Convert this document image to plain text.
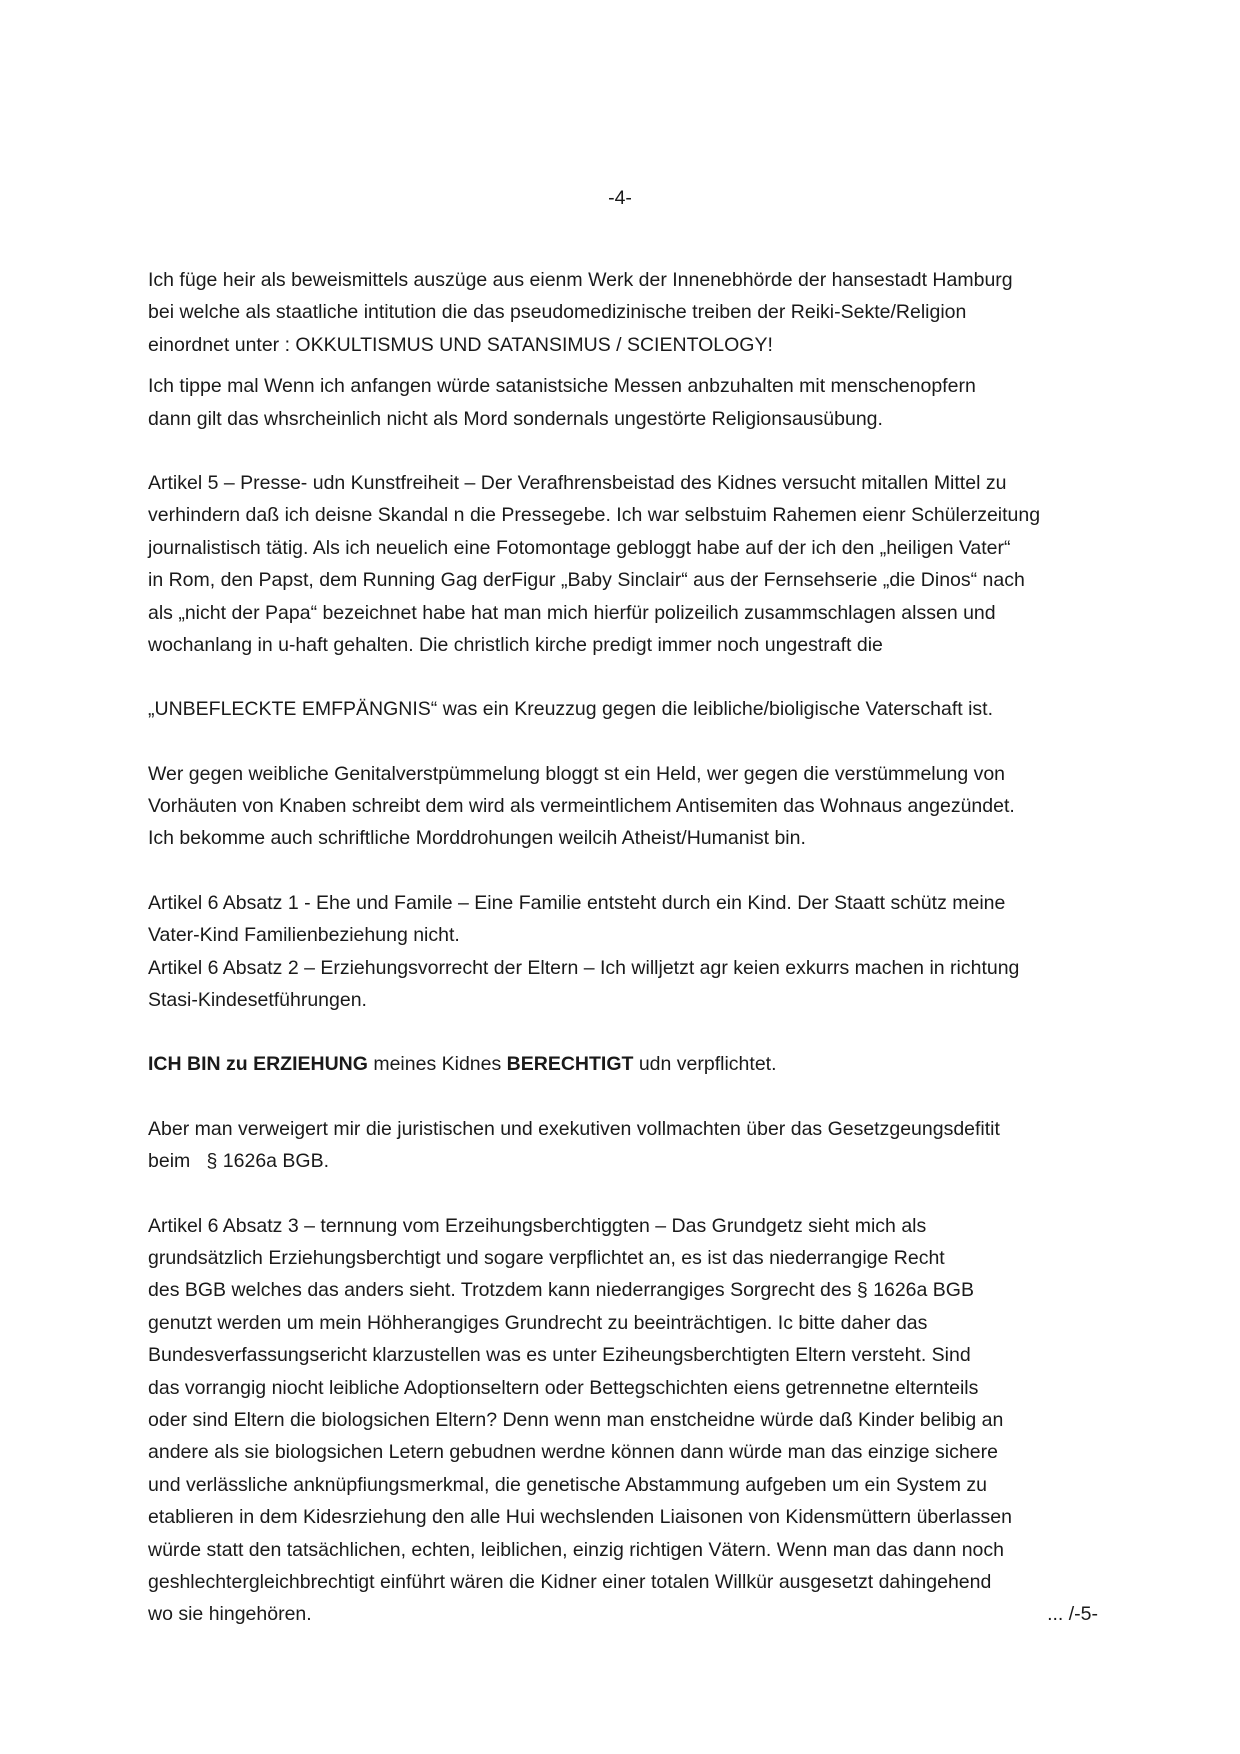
-4-
Ich füge heir als beweismittels auszüge aus eienm Werk der Innenebhörde der hansestadt Hamburg
bei welche als staatliche intitution die das pseudomedizinische treiben der Reiki-Sekte/Religion
einordnet unter : OKKULTISMUS UND SATANSIMUS / SCIENTOLOGY!
Ich tippe mal Wenn ich anfangen würde satanistsiche Messen anbzuhalten mit menschenopfern
dann gilt das whsrcheinlich nicht als Mord sondernals ungestörte Religionsausübung.
Artikel 5 – Presse- udn Kunstfreiheit – Der Verafhrensbeistad des Kidnes versucht mitallen Mittel zu
verhindern daß ich deisne Skandal n die Pressegebe. Ich war selbstuim Rahemen eienr Schülerzeitung
journalistisch tätig. Als ich neuelich eine Fotomontage gebloggt habe auf der ich den „heiligen Vater“
in Rom, den Papst, dem Running Gag derFigur „Baby Sinclair“ aus der Fernsehserie „die Dinos“ nach
als „nicht der Papa“ bezeichnet habe hat man mich hierfür polizeilich zusammschlagen alssen und
wochanlang in u-haft gehalten. Die christlich kirche predigt immer noch ungestraft die
„UNBEFLECKTE EMFPÄNGNIS“ was ein Kreuzzug gegen die leibliche/bioligische Vaterschaft ist.
Wer gegen weibliche Genitalverstpümmelung bloggt st ein Held, wer gegen die verstümmelung von
Vorhäuten von Knaben schreibt dem wird als vermeintlichem Antisemiten das Wohnaus angezündet.
Ich bekomme auch schriftliche Morddrohungen weilcih Atheist/Humanist bin.
Artikel 6 Absatz 1 - Ehe und Famile – Eine Familie entsteht durch ein Kind. Der Staatt schütz meine
Vater-Kind Familienbeziehung nicht.
Artikel 6 Absatz 2 – Erziehungsvorrecht der Eltern – Ich willjetzt agr keien exkurrs machen in richtung
Stasi-Kindesetführungen.
ICH BIN zu ERZIEHUNG meines Kidnes BERECHTIGT udn verpflichtet.
Aber man verweigert mir die juristischen und exekutiven vollmachten über das Gesetzgeungsdefitit
beim   § 1626a BGB.
Artikel 6 Absatz 3 – ternnung vom Erzeihungsberchtiggten – Das Grundgetz sieht mich als
grundsätzlich Erziehungsberchtigt und sogare verpflichtet an, es ist das niederrangige Recht
des BGB welches das anders sieht. Trotzdem kann niederrangiges Sorgrecht des § 1626a BGB
genutzt werden um mein Höhherangiges Grundrecht zu beeinträchtigen. Ic bitte daher das
Bundesverfassungsericht klarzustellen was es unter Eziheungsberchtigten Eltern versteht. Sind
das vorrangig niocht leibliche Adoptionseltern oder Bettegschichten eiens getrennetne elternteils
oder sind Eltern die biologsichen Eltern? Denn wenn man enstcheidne würde daß Kinder belibig an
andere als sie biologsichen Letern gebudnen werdne können dann würde man das einzige sichere
und verlässliche anknüpfiungsmerkmal, die genetische Abstammung aufgeben um ein System zu
etablieren in dem Kidesrziehung den alle Hui wechslenden Liaisonen von Kidensmüttern überlassen
würde statt den tatsächlichen, echten, leiblichen, einzig richtigen Vätern. Wenn man das dann noch
geshlechtergleichbrechtigt einführt wären die Kidner einer totalen Willkür ausgesetzt dahingehend
wo sie hingehören.	... /-5-
